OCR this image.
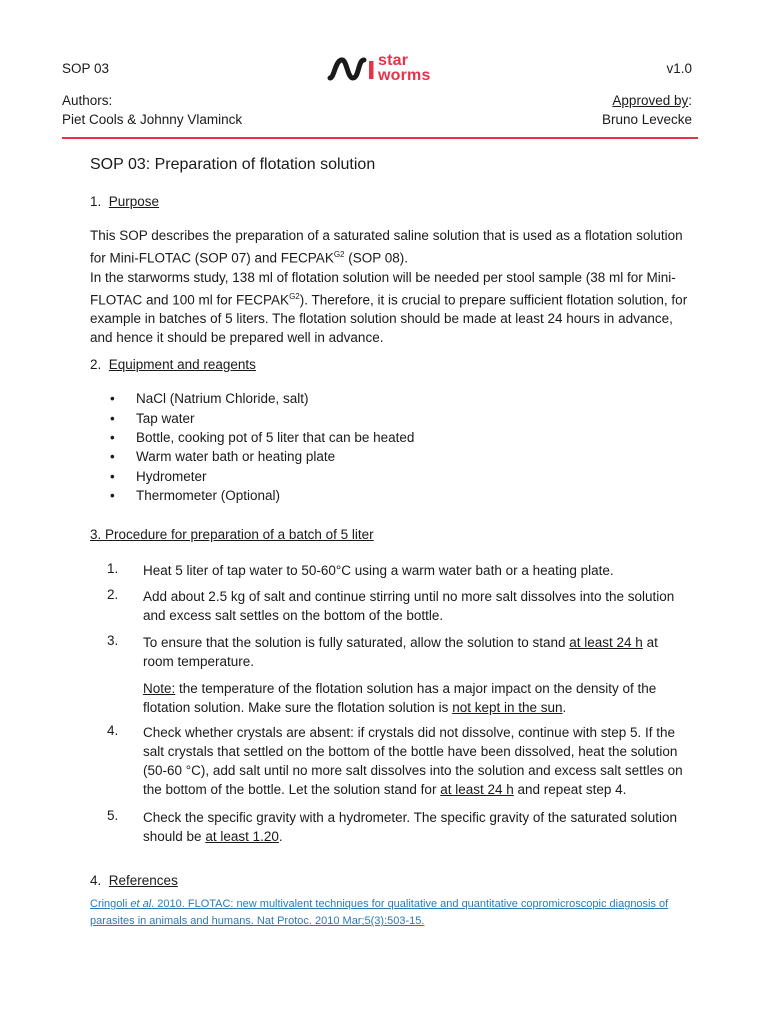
SOP 03	star
worms	v1.0
Authors:
Piet Cools & Johnny Vlaminck
Approved by:
Bruno Levecke
SOP 03: Preparation of flotation solution
1. Purpose
This SOP describes the preparation of a saturated saline solution that is used as a flotation solution
for Mini-FLOTAC (SOP 07) and $FECPAK^{G2}$ (SOP 08).
In the starworms study, 138 ml of flotation solution will be needed per stool sample (38 ml for Mini-
FLOTAC and 100 ml for $FECPAK^{G2}$). Therefore, it is crucial to prepare sufficient flotation solution, for
example in batches of 5 liters. The flotation solution should be made at least 24 hours in advance,
and hence it should be prepared well in advance.
2. Equipment and reagents
• NaCl (Natrium Chloride, salt)
• Tap water
• Bottle, cooking pot of 5 liter that can be heated
• Warm water bath or heating plate
• Hydrometer
• Thermometer (Optional)
3. Procedure for preparation of a batch of 5 liter
1. Heat 5 liter of tap water to 50-60°C using a warm water bath or a heating plate.
2. Add about 2.5 kg of salt and continue stirring until no more salt dissolves into the solution
and excess salt settles on the bottom of the bottle.
3. To ensure that the solution is fully saturated, allow the solution to stand at least 24 h at
room temperature.
Note: the temperature of the flotation solution has a major impact on the density of the
flotation solution. Make sure the flotation solution is not kept in the sun.
4. Check whether crystals are absent: if crystals did not dissolve, continue with step 5. If the
salt crystals that settled on the bottom of the bottle have been dissolved, heat the solution
(50-60 °C), add salt until no more salt dissolves into the solution and excess salt settles on
the bottom of the bottle. Let the solution stand for at least 24 h and repeat step 4.
5. Check the specific gravity with a hydrometer. The specific gravity of the saturated solution
should be at least 1.20.
4. References
Cringoli et al. 2010. FLOTAC: new multivalent techniques for qualitative and quantitative copromicroscopic diagnosis of
parasites in animals and humans. Nat Protoc. 2010 Mar;5(3):503-15.
